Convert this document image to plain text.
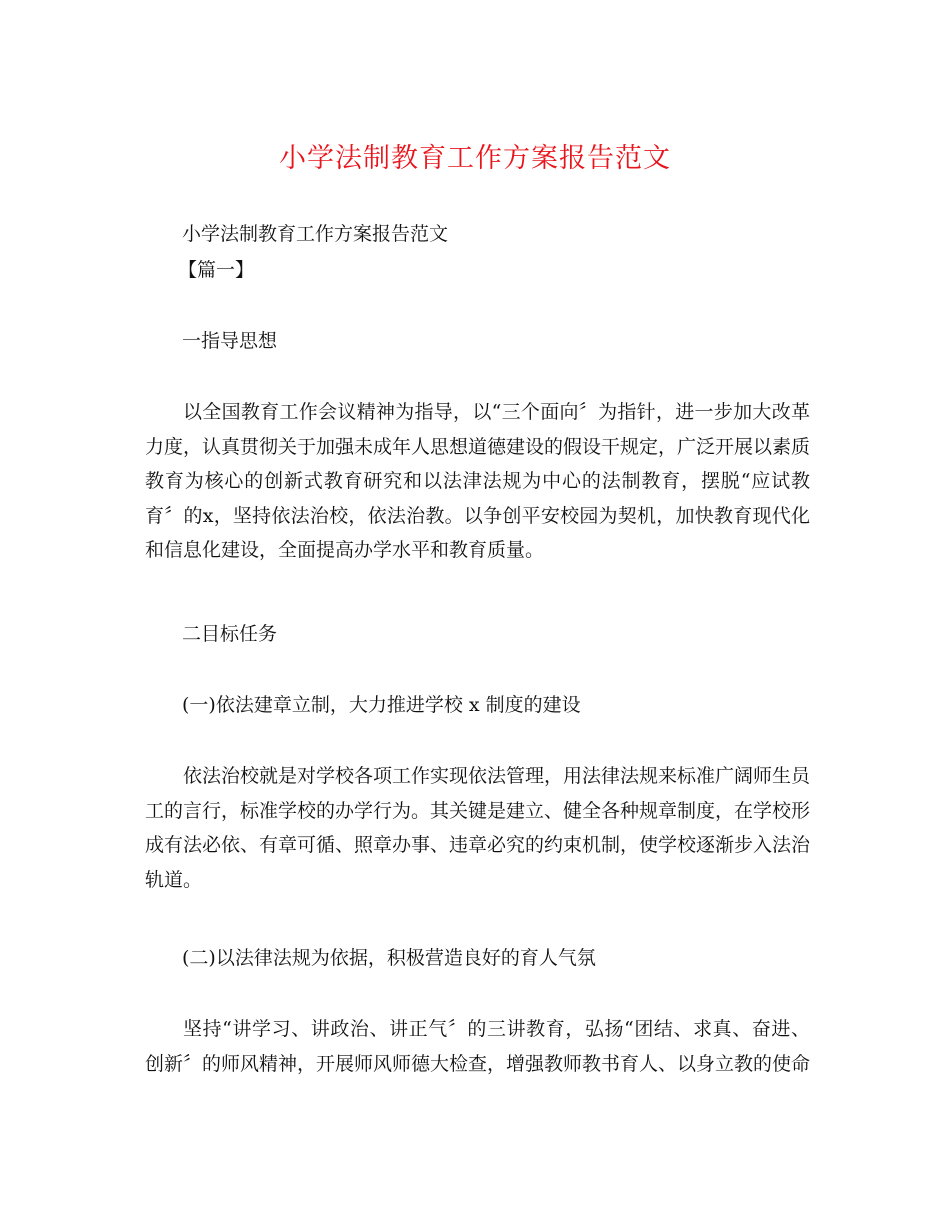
小学法制教育工作方案报告范文
小学法制教育工作方案报告范文
【篇一】
一指导思想

以全国教育工作会议精神为指导，以“三个面向〞为指针，进一步加大改革力度，认真贯彻关于加强未成年人思想道德建设的假设干规定，广泛开展以素质教育为核心的创新式教育研究和以法津法规为中心的法制教育，摆脱“应试教育〞的x，坚持依法治校，依法治教。以争创平安校园为契机，加快教育现代化和信息化建设，全面提高办学水平和教育质量。

二目标任务
(一)依法建章立制，大力推进学校 x 制度的建设

依法治校就是对学校各项工作实现依法管理，用法律法规来标准广阔师生员工的言行，标准学校的办学行为。其关键是建立、健全各种规章制度，在学校形成有法必依、有章可循、照章办事、违章必究的约束机制，使学校逐渐步入法治轨道。

(二)以法律法规为依据，积极营造良好的育人气氛

坚持“讲学习、讲政治、讲正气〞的三讲教育，弘扬“团结、求真、奋进、创新〞的师风精神，开展师风师德大检查，增强教师教书育人、以身立教的使命
